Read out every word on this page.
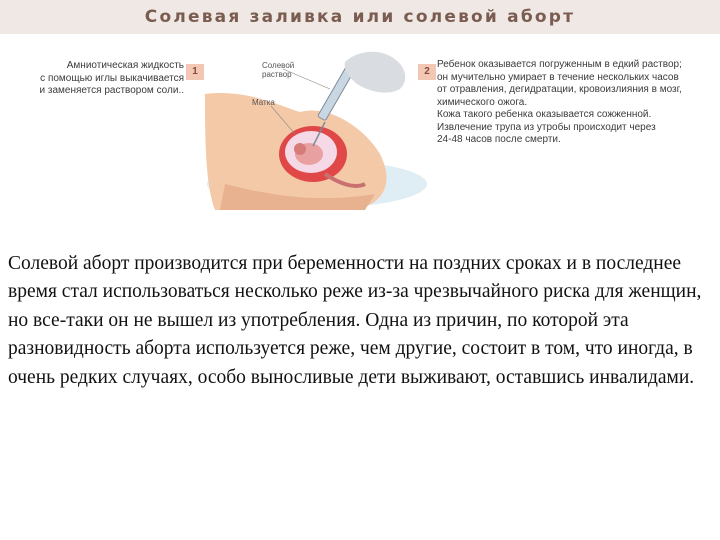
Солевая заливка или солевой аборт
Амниотическая жидкость
с помощью иглы выкачивается
и заменяется раствором соли..
1
Солевой
раствор
Матка
2
Ребенок оказывается погруженным в едкий раствор;
он мучительно умирает в течение нескольких часов
от отравления, дегидратации, кровоизлияния в мозг,
химического ожога.
Кожа такого ребенка оказывается сожженной.
Извлечение трупа из утробы происходит через
24-48 часов после смерти.

Солевой аборт производится при беременности на поздних сроках и в последнее время стал использоваться несколько реже из-за чрезвычайного риска для женщин, но все-таки он не вышел из употребления. Одна из причин, по которой эта разновидность аборта используется реже, чем другие, состоит в том, что иногда, в очень редких случаях, особо выносливые дети выживают, оставшись инвалидами.
